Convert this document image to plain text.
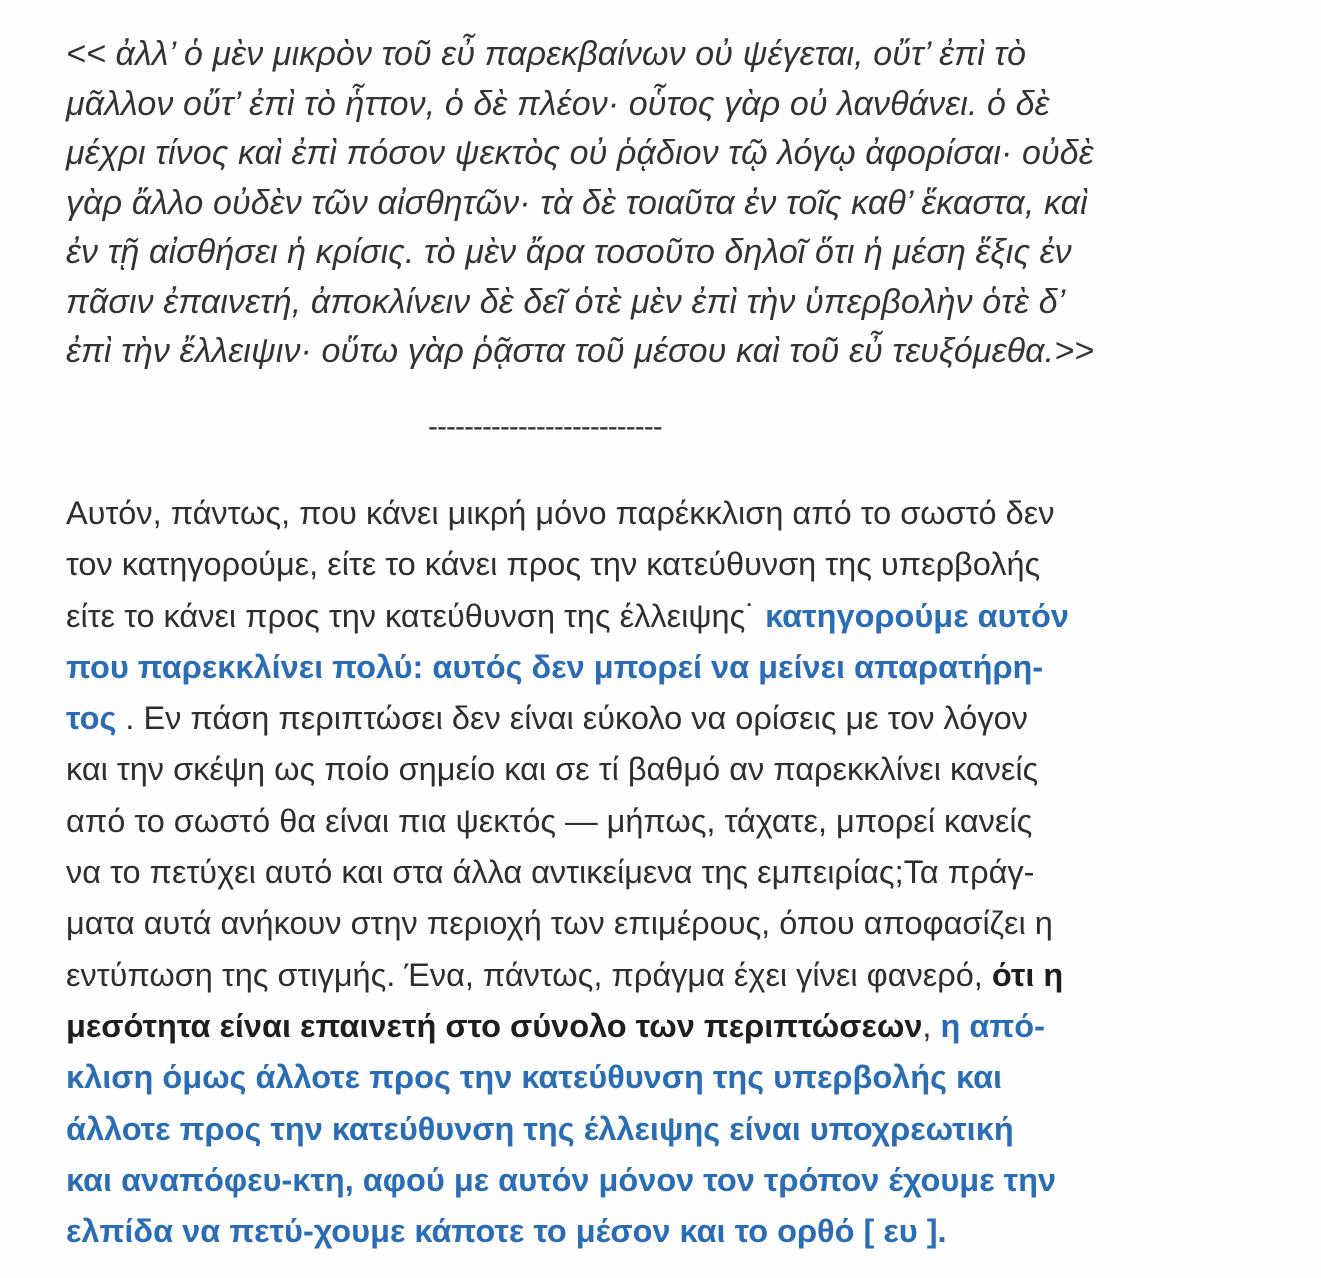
<< ἀλλ’ ὁ μὲν μικρὸν τοῦ εὖ παρεκβαίνων οὐ ψέγεται, οὔτ’ ἐπὶ τὸ
μᾶλλον οὔτ’ ἐπὶ τὸ ἧττον, ὁ δὲ πλέον· οὗτος γὰρ οὐ λανθάνει. ὁ δὲ
μέχρι τίνος καὶ ἐπὶ πόσον ψεκτὸς οὐ ῥᾴδιον τῷ λόγῳ ἀφορίσαι· οὐδὲ
γὰρ ἄλλο οὐδὲν τῶν αἰσθητῶν· τὰ δὲ τοιαῦτα ἐν τοῖς καθ’ ἕκαστα, καὶ
ἐν τῇ αἰσθήσει ἡ κρίσις. τὸ μὲν ἄρα τοσοῦτο δηλοῖ ὅτι ἡ μέση ἕξις ἐν
πᾶσιν ἐπαινετή, ἀποκλίνειν δὲ δεῖ ὁτὲ μὲν ἐπὶ τὴν ὑπερβολὴν ὁτὲ δ’
ἐπὶ τὴν ἔλλειψιν· οὕτω γὰρ ῥᾷστα τοῦ μέσου καὶ τοῦ εὖ τευξόμεθα.>>
--------------------------
Αυτόν, πάντως, που κάνει μικρή μόνο παρέκκλιση από το σωστό δεν
τον κατηγορούμε, είτε το κάνει προς την κατεύθυνση της υπερβολής
είτε το κάνει προς την κατεύθυνση της έλλειψης˙ κατηγορούμε αυτόν
που παρεκκλίνει πολύ: αυτός δεν μπορεί να μείνει απαρατήρη-
τος . Εν πάση περιπτώσει δεν είναι εύκολο να ορίσεις με τον λόγον
και την σκέψη ως ποίο σημείο και σε τί βαθμό αν παρεκκλίνει κανείς
από το σωστό θα είναι πια ψεκτός — μήπως, τάχατε, μπορεί κανείς
να το πετύχει αυτό και στα άλλα αντικείμενα της εμπειρίας;Τα πράγ-
ματα αυτά ανήκουν στην περιοχή των επιμέρους, όπου αποφασίζει η
εντύπωση της στιγμής. Ένα, πάντως, πράγμα έχει γίνει φανερό, ότι η
μεσότητα είναι επαινετή στο σύνολο των περιπτώσεων, η από-
κλιση όμως άλλοτε προς την κατεύθυνση της υπερβολής και
άλλοτε προς την κατεύθυνση της έλλειψης είναι υποχρεωτική
και αναπόφευ-κτη, αφού με αυτόν μόνον τον τρόπον έχουμε την
ελπίδα να πετύ-χουμε κάποτε το μέσον και το ορθό [ ευ ].
